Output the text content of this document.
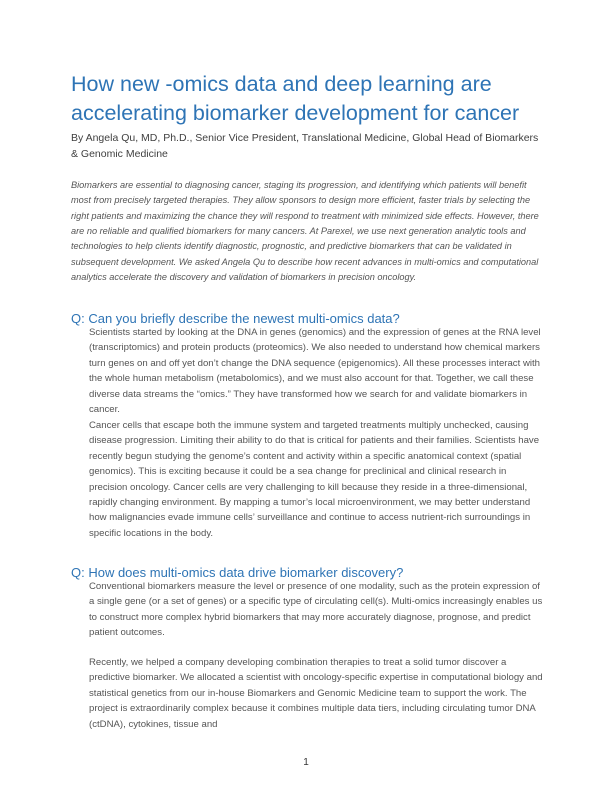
How new -omics data and deep learning are accelerating biomarker development for cancer

By Angela Qu, MD, Ph.D., Senior Vice President, Translational Medicine, Global Head of Biomarkers & Genomic Medicine

Biomarkers are essential to diagnosing cancer, staging its progression, and identifying which patients will benefit most from precisely targeted therapies. They allow sponsors to design more efficient, faster trials by selecting the right patients and maximizing the chance they will respond to treatment with minimized side effects. However, there are no reliable and qualified biomarkers for many cancers. At Parexel, we use next generation analytic tools and technologies to help clients identify diagnostic, prognostic, and predictive biomarkers that can be validated in subsequent development. We asked Angela Qu to describe how recent advances in multi-omics and computational analytics accelerate the discovery and validation of biomarkers in precision oncology.

Q: Can you briefly describe the newest multi-omics data?

Scientists started by looking at the DNA in genes (genomics) and the expression of genes at the RNA level (transcriptomics) and protein products (proteomics). We also needed to understand how chemical markers turn genes on and off yet don’t change the DNA sequence (epigenomics). All these processes interact with the whole human metabolism (metabolomics), and we must also account for that. Together, we call these diverse data streams the “omics.” They have transformed how we search for and validate biomarkers in cancer.

Cancer cells that escape both the immune system and targeted treatments multiply unchecked, causing disease progression. Limiting their ability to do that is critical for patients and their families. Scientists have recently begun studying the genome’s content and activity within a specific anatomical context (spatial genomics). This is exciting because it could be a sea change for preclinical and clinical research in precision oncology. Cancer cells are very challenging to kill because they reside in a three-dimensional, rapidly changing environment. By mapping a tumor’s local microenvironment, we may better understand how malignancies evade immune cells’ surveillance and continue to access nutrient-rich surroundings in specific locations in the body.

Q: How does multi-omics data drive biomarker discovery?

Conventional biomarkers measure the level or presence of one modality, such as the protein expression of a single gene (or a set of genes) or a specific type of circulating cell(s). Multi-omics increasingly enables us to construct more complex hybrid biomarkers that may more accurately diagnose, prognose, and predict patient outcomes.

Recently, we helped a company developing combination therapies to treat a solid tumor discover a predictive biomarker. We allocated a scientist with oncology-specific expertise in computational biology and statistical genetics from our in-house Biomarkers and Genomic Medicine team to support the work. The project is extraordinarily complex because it combines multiple data tiers, including circulating tumor DNA (ctDNA), cytokines, tissue and

1
